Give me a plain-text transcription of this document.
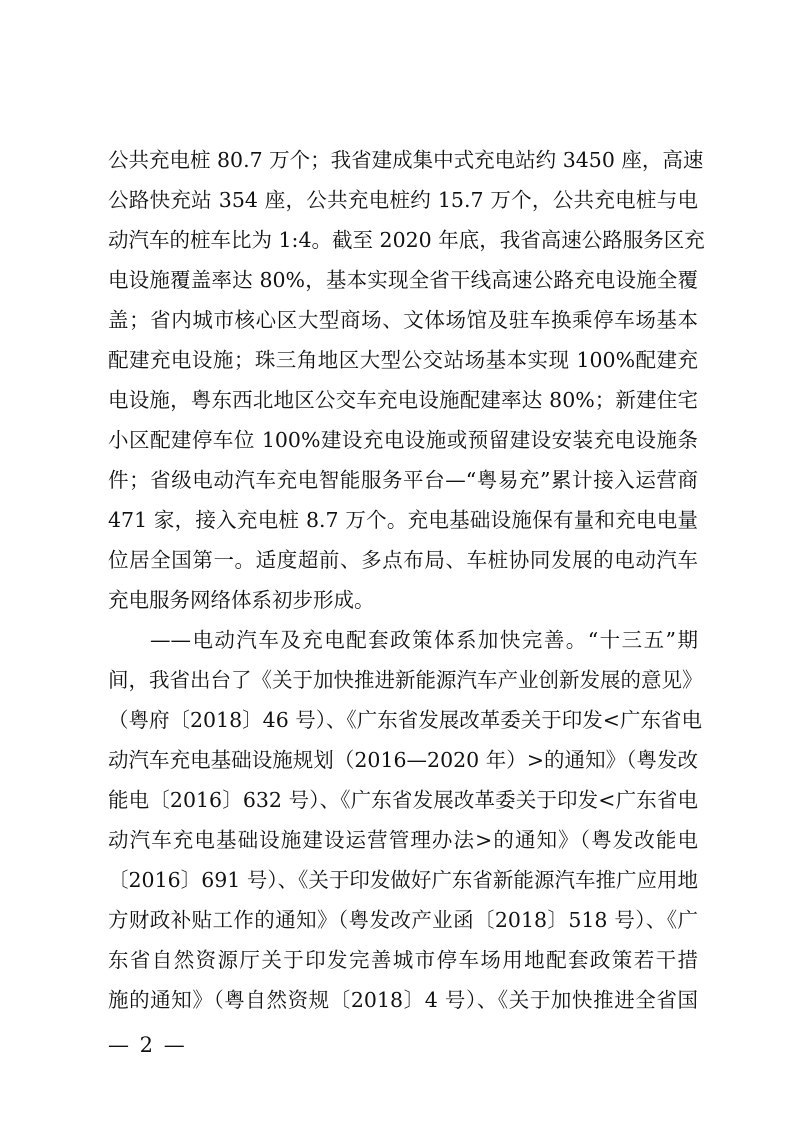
公共充电桩 80.7 万个；我省建成集中式充电站约 3450 座，高速
公路快充站 354 座，公共充电桩约 15.7 万个，公共充电桩与电
动汽车的桩车比为 1:4。截至 2020 年底，我省高速公路服务区充
电设施覆盖率达 80%，基本实现全省干线高速公路充电设施全覆
盖；省内城市核心区大型商场、文体场馆及驻车换乘停车场基本
配建充电设施；珠三角地区大型公交站场基本实现 100%配建充
电设施，粤东西北地区公交车充电设施配建率达 80%；新建住宅
小区配建停车位 100%建设充电设施或预留建设安装充电设施条
件；省级电动汽车充电智能服务平台—“粤易充”累计接入运营商
471 家，接入充电桩 8.7 万个。充电基础设施保有量和充电电量
位居全国第一。适度超前、多点布局、车桩协同发展的电动汽车
充电服务网络体系初步形成。
——电动汽车及充电配套政策体系加快完善。“十三五”期
间，我省出台了《关于加快推进新能源汽车产业创新发展的意见》
（粤府〔2018〕46 号）、《广东省发展改革委关于印发<广东省电
动汽车充电基础设施规划（2016—2020 年）>的通知》（粤发改
能电〔2016〕632 号）、《广东省发展改革委关于印发<广东省电
动汽车充电基础设施建设运营管理办法>的通知》（粤发改能电
〔2016〕691 号）、《关于印发做好广东省新能源汽车推广应用地
方财政补贴工作的通知》（粤发改产业函〔2018〕518 号）、《广
东省自然资源厅关于印发完善城市停车场用地配套政策若干措
施的通知》（粤自然资规〔2018〕4 号）、《关于加快推进全省国
— 2 —
